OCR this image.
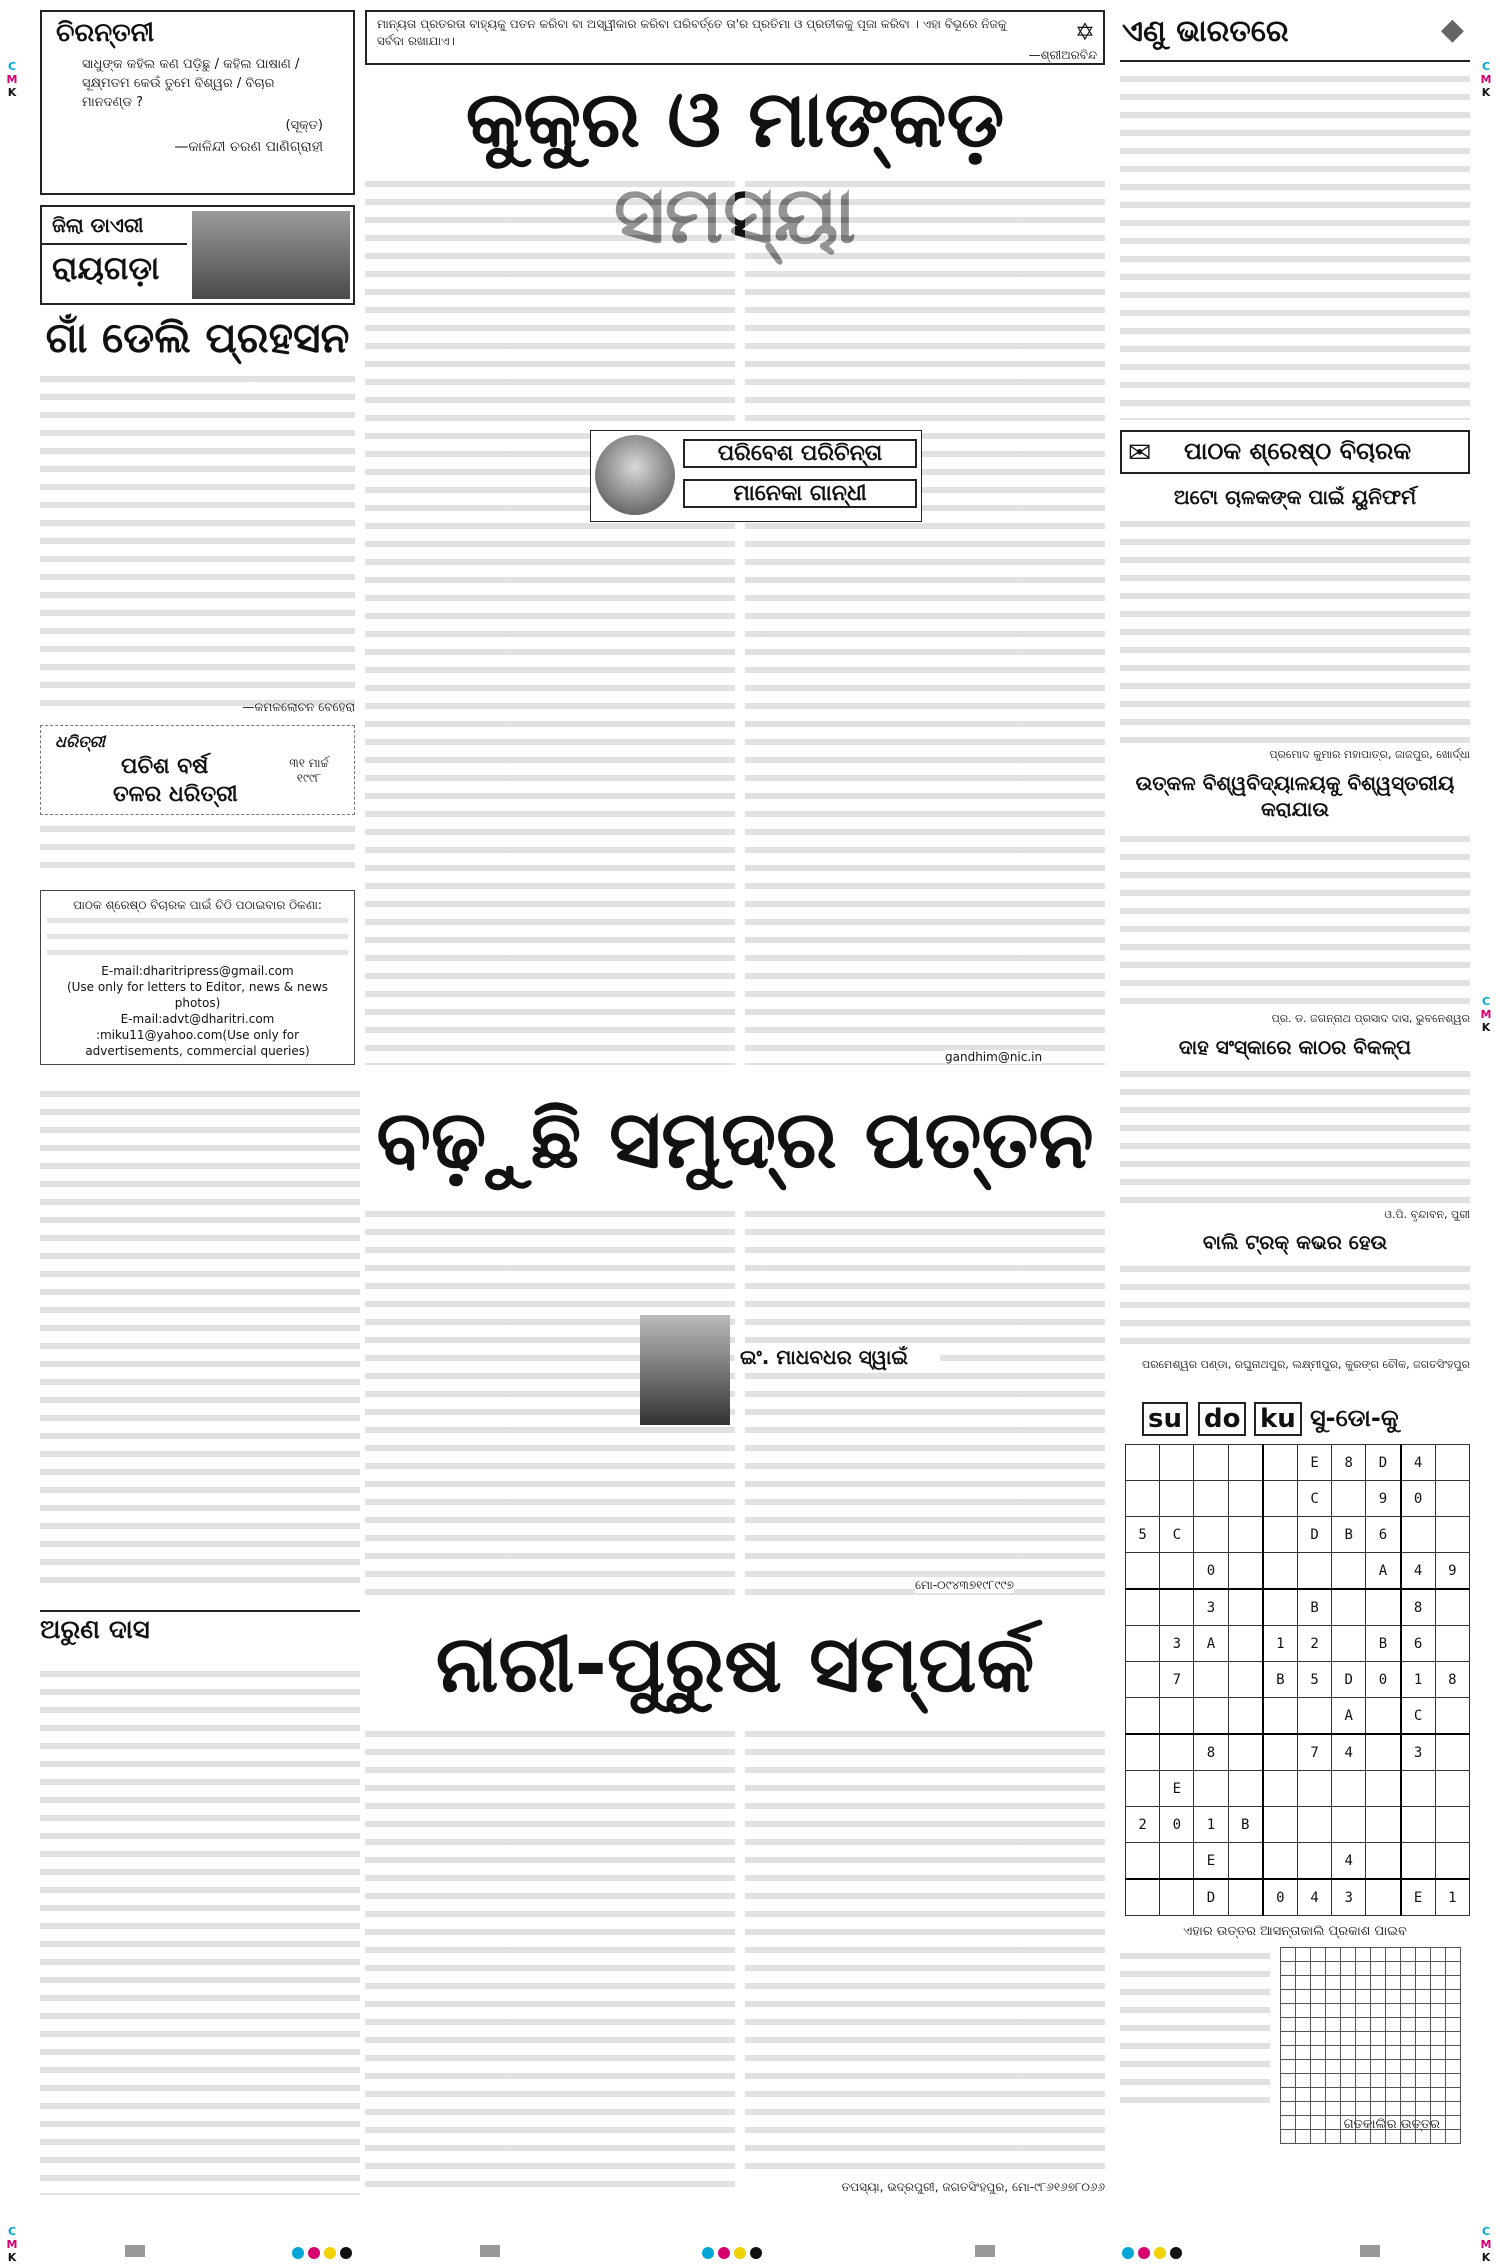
C
M
K
C
M
K
C
M
K
C
M
K
C
M
K
ଚିରନ୍ତନୀ
ସାଧୁଙ୍କ କହିଲ କଣ ପଡ଼ିଛୁ / କହିଲ ପାଷାଣ / ସୂକ୍ଷ୍ମତମ କେଉଁ ତୁମେ ବିଶ୍ୱର / ବିଚାର ମାନଦଣ୍ଡ ?
(ସୂକ୍ତ)
—କାଳିନ୍ଦୀ ଚରଣ ପାଣିଗ୍ରାହୀ
ଜିଲା ଡାଏରୀ
ରାୟଗଡ଼ା
ଗାଁ ଡେଲି ପ୍ରହସନ
—କମଳଲୋଚନ ବେହେରା
ଧରିତ୍ରୀ
ପଚିଶ ବର୍ଷ
ତଳର ଧରିତ୍ରୀ
୩୧ ମାର୍ଚ୍ଚ ୧୯୯୮
ପାଠକ ଶ୍ରେଷ୍ଠ ବିଚାରକ ପାଇଁ ଚିଠି ପଠାଇବାର ଠିକଣା:
E-mail:dharitripress@gmail.com
(Use only for letters to Editor, news & news photos)
E-mail:advt@dharitri.com
:miku11@yahoo.com(Use only for advertisements, commercial queries)
ମାନ୍ୟତା ପ୍ରତରତା ବାହ୍ୟକୁ ପତନ କରିବା ବା ଅସ୍ୱୀକାର କରିବା ପରିବର୍ତ୍ତେ ତା'ର ପ୍ରତିମା ଓ ପ୍ରତୀକକୁ ପୂଜା କରିବା । ଏହା ବିଭୂରେ ନିଜକୁ ସର୍ବଦା ରଖାଯାଏ।
—ଶ୍ରୀଅରବିନ୍ଦ
✡
କୁକୁର ଓ ମାଙ୍କଡ଼
ପରିବେଶ ପରିଚିନ୍ତା
ମାନେକା ଗାନ୍ଧୀ
gandhim@nic.in
ବଢ଼ୁଛି ସମୁଦ୍ର ପତ୍ତନ
ଇଂ. ମାଧବଧର ସ୍ୱାଇଁ
ମୋ-୦୯୪୩୭୧୯୮୯୯୭
ଅରୁଣ ଦାସ	ନାରୀ-ପୁରୁଷ ସମ୍ପର୍କ
ତପସ୍ୟା, ଭଦ୍ରପୁରୀ, ଜଗତସିଂହପୁର, ମୋ-୯୮୬୧୬୭୮୦୬୬
ଏଣୁ ଭାରତରେ	◆
✉ ପାଠକ ଶ୍ରେଷ୍ଠ ବିଚାରକ
ଅଟୋ ଚାଳକଙ୍କ ପାଇଁ ୟୁନିଫର୍ମ
ପ୍ରମୋଦ କୁମାର ମହାପାତ୍ର, ଜାଜପୁର, ଖୋର୍ଦ୍ଧା
ଉତ୍କଳ ବିଶ୍ୱବିଦ୍ୟାଳୟକୁ ବିଶ୍ୱସ୍ତରୀୟ କରାଯାଉ
ପ୍ର. ଡ. ଜଗନ୍ନାଥ ପ୍ରସାଦ ଦାସ, ଭୁବନେଶ୍ୱର
ଦାହ ସଂସ୍କାରେ କାଠର ବିକଳ୍ପ
ଓ.ପି. ବୃନ୍ଦାବନ, ପୁରୀ
ବାଲି ଟ୍ରକ୍ କଭର ହେଉ
ପରମେଶ୍ୱର ପଣ୍ଡା, ରଘୁନାଥପୁର, ଲକ୍ଷ୍ମୀପୁର, କୁରଙ୍ଗ ଚୌକ, ଜଗତସିଂହପୁର
su do ku ସୁ-ଡୋ-କୁ
					E	8	D	4	
					C		9	0	
5	C				D	B	6		
		0					A	4	9
		3			B			8	
	3	A		1	2		B	6	
	7			B	5	D	0	1	8
						A		C	
		8			7	4		3	
	E								
2	0	1	B						
		E				4			
		D		0	4	3		E	1
ଏହାର ଉତ୍ତର ଆସନ୍ତାକାଲି ପ୍ରକାଶ ପାଇବ

ଗତକାଲିର ଉତ୍ତର
